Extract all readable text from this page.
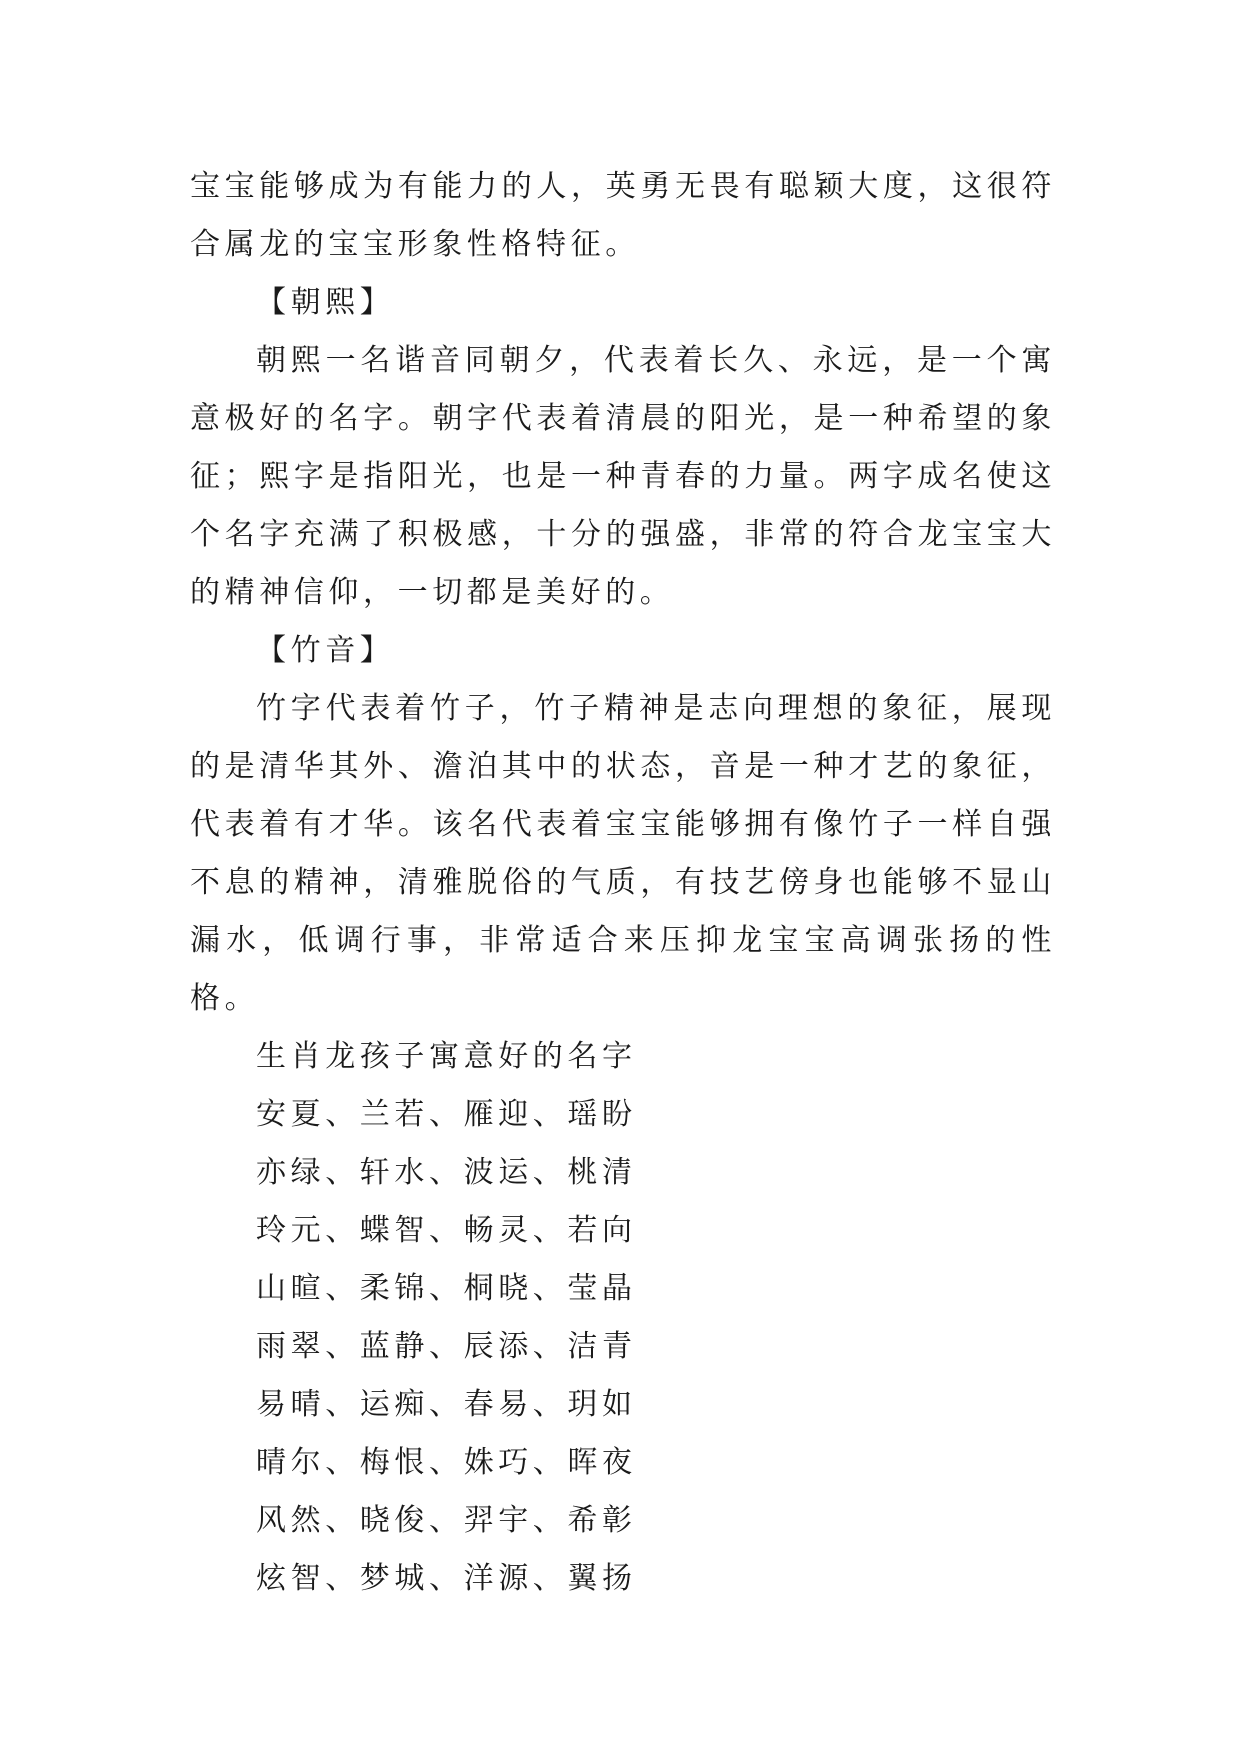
宝宝能够成为有能力的人，英勇无畏有聪颖大度，这很符合属龙的宝宝形象性格特征。

【朝熙】

朝熙一名谐音同朝夕，代表着长久、永远，是一个寓意极好的名字。朝字代表着清晨的阳光，是一种希望的象征；熙字是指阳光，也是一种青春的力量。两字成名使这个名字充满了积极感，十分的强盛，非常的符合龙宝宝大的精神信仰，一切都是美好的。

【竹音】

竹字代表着竹子，竹子精神是志向理想的象征，展现的是清华其外、澹泊其中的状态，音是一种才艺的象征，代表着有才华。该名代表着宝宝能够拥有像竹子一样自强不息的精神，清雅脱俗的气质，有技艺傍身也能够不显山漏水，低调行事，非常适合来压抑龙宝宝高调张扬的性格。

生肖龙孩子寓意好的名字

安夏、兰若、雁迎、瑶盼

亦绿、轩水、波运、桃清

玲元、蝶智、畅灵、若向

山暄、柔锦、桐晓、莹晶

雨翠、蓝静、辰添、洁青

易晴、运痴、春易、玥如

晴尔、梅恨、姝巧、晖夜

风然、晓俊、羿宇、希彰

炫智、梦城、洋源、翼扬
